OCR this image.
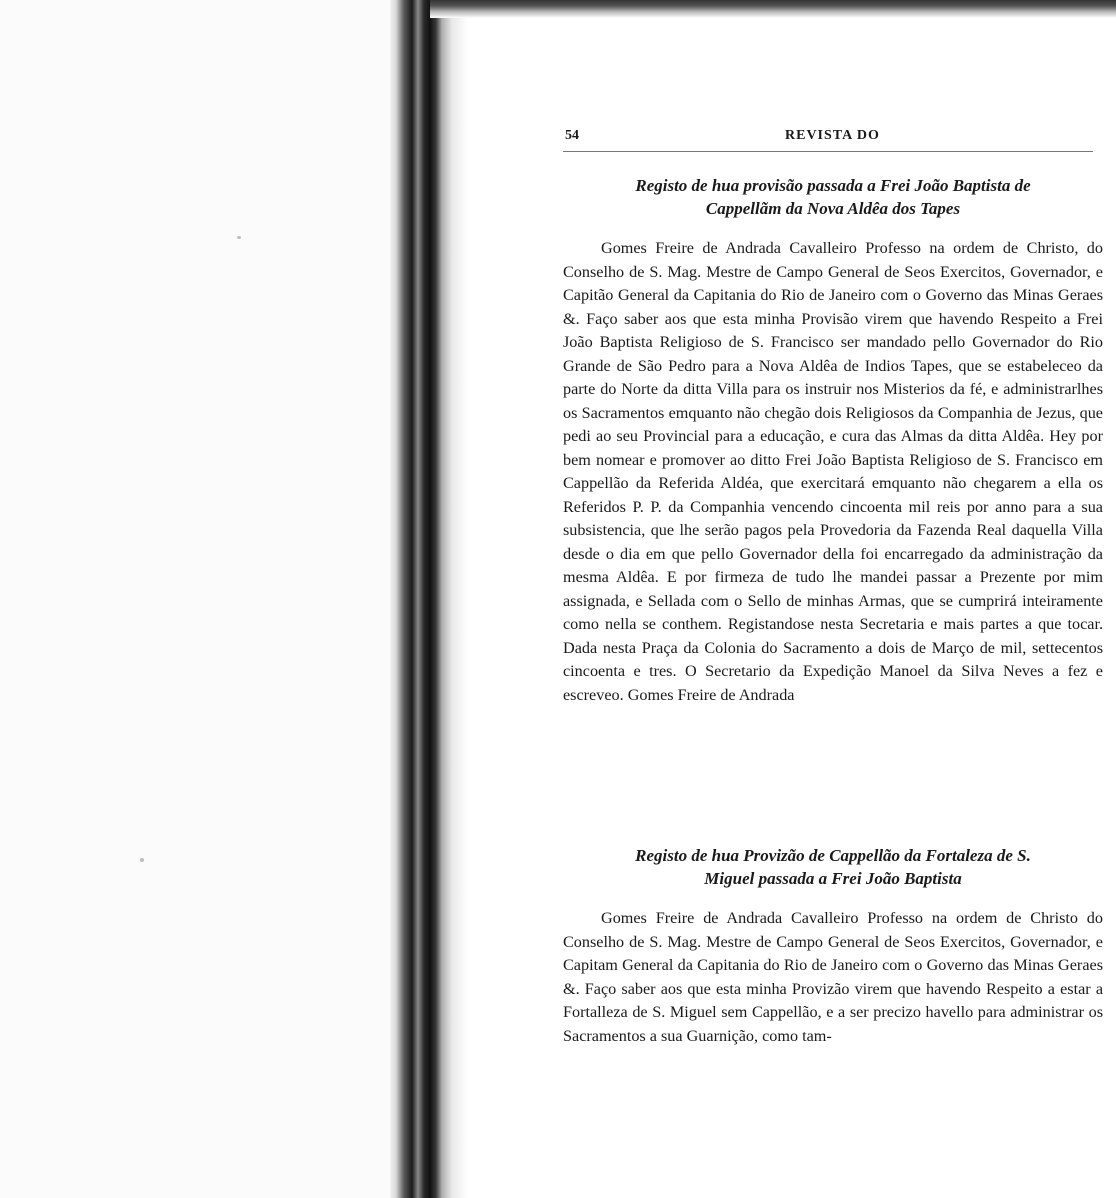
54	REVISTA DO
Registo de hua provisão passada a Frei João Baptista de
Cappellãm da Nova Aldêa dos Tapes

Gomes Freire de Andrada Cavalleiro Professo na ordem de Christo, do Conselho de S. Mag. Mestre de Campo General de Seos Exercitos, Governador, e Capitão General da Capitania do Rio de Janeiro com o Governo das Minas Geraes &. Faço saber aos que esta minha Provisão virem que havendo Respeito a Frei João Baptista Religioso de S. Francisco ser mandado pello Governador do Rio Grande de São Pedro para a Nova Aldêa de Indios Tapes, que se estabeleceo da parte do Norte da ditta Villa para os instruir nos Misterios da fé, e administrarlhes os Sacramentos emquanto não chegão dois Religiosos da Companhia de Jezus, que pedi ao seu Provincial para a educação, e cura das Almas da ditta Aldêa. Hey por bem nomear e promover ao ditto Frei João Baptista Religioso de S. Francisco em Cappellão da Referida Aldéa, que exercitará emquanto não chegarem a ella os Referidos P. P. da Companhia vencendo cincoenta mil reis por anno para a sua subsistencia, que lhe serão pagos pela Provedoria da Fazenda Real daquella Villa desde o dia em que pello Governador della foi encarregado da administração da mesma Aldêa. E por firmeza de tudo lhe mandei passar a Prezente por mim assignada, e Sellada com o Sello de minhas Armas, que se cumprirá inteiramente como nella se conthem. Registandose nesta Secretaria e mais partes a que tocar. Dada nesta Praça da Colonia do Sacramento a dois de Março de mil, settecentos cincoenta e tres. O Secretario da Expedição Manoel da Silva Neves a fez e escreveo. Gomes Freire de Andrada

Registo de hua Provizão de Cappellão da Fortaleza de S.
Miguel passada a Frei João Baptista

Gomes Freire de Andrada Cavalleiro Professo na ordem de Christo do Conselho de S. Mag. Mestre de Campo General de Seos Exercitos, Governador, e Capitam General da Capitania do Rio de Janeiro com o Governo das Minas Geraes &. Faço saber aos que esta minha Provizão virem que havendo Respeito a estar a Fortalleza de S. Miguel sem Cappellão, e a ser precizo havello para administrar os Sacramentos a sua Guarnição, como tam-
